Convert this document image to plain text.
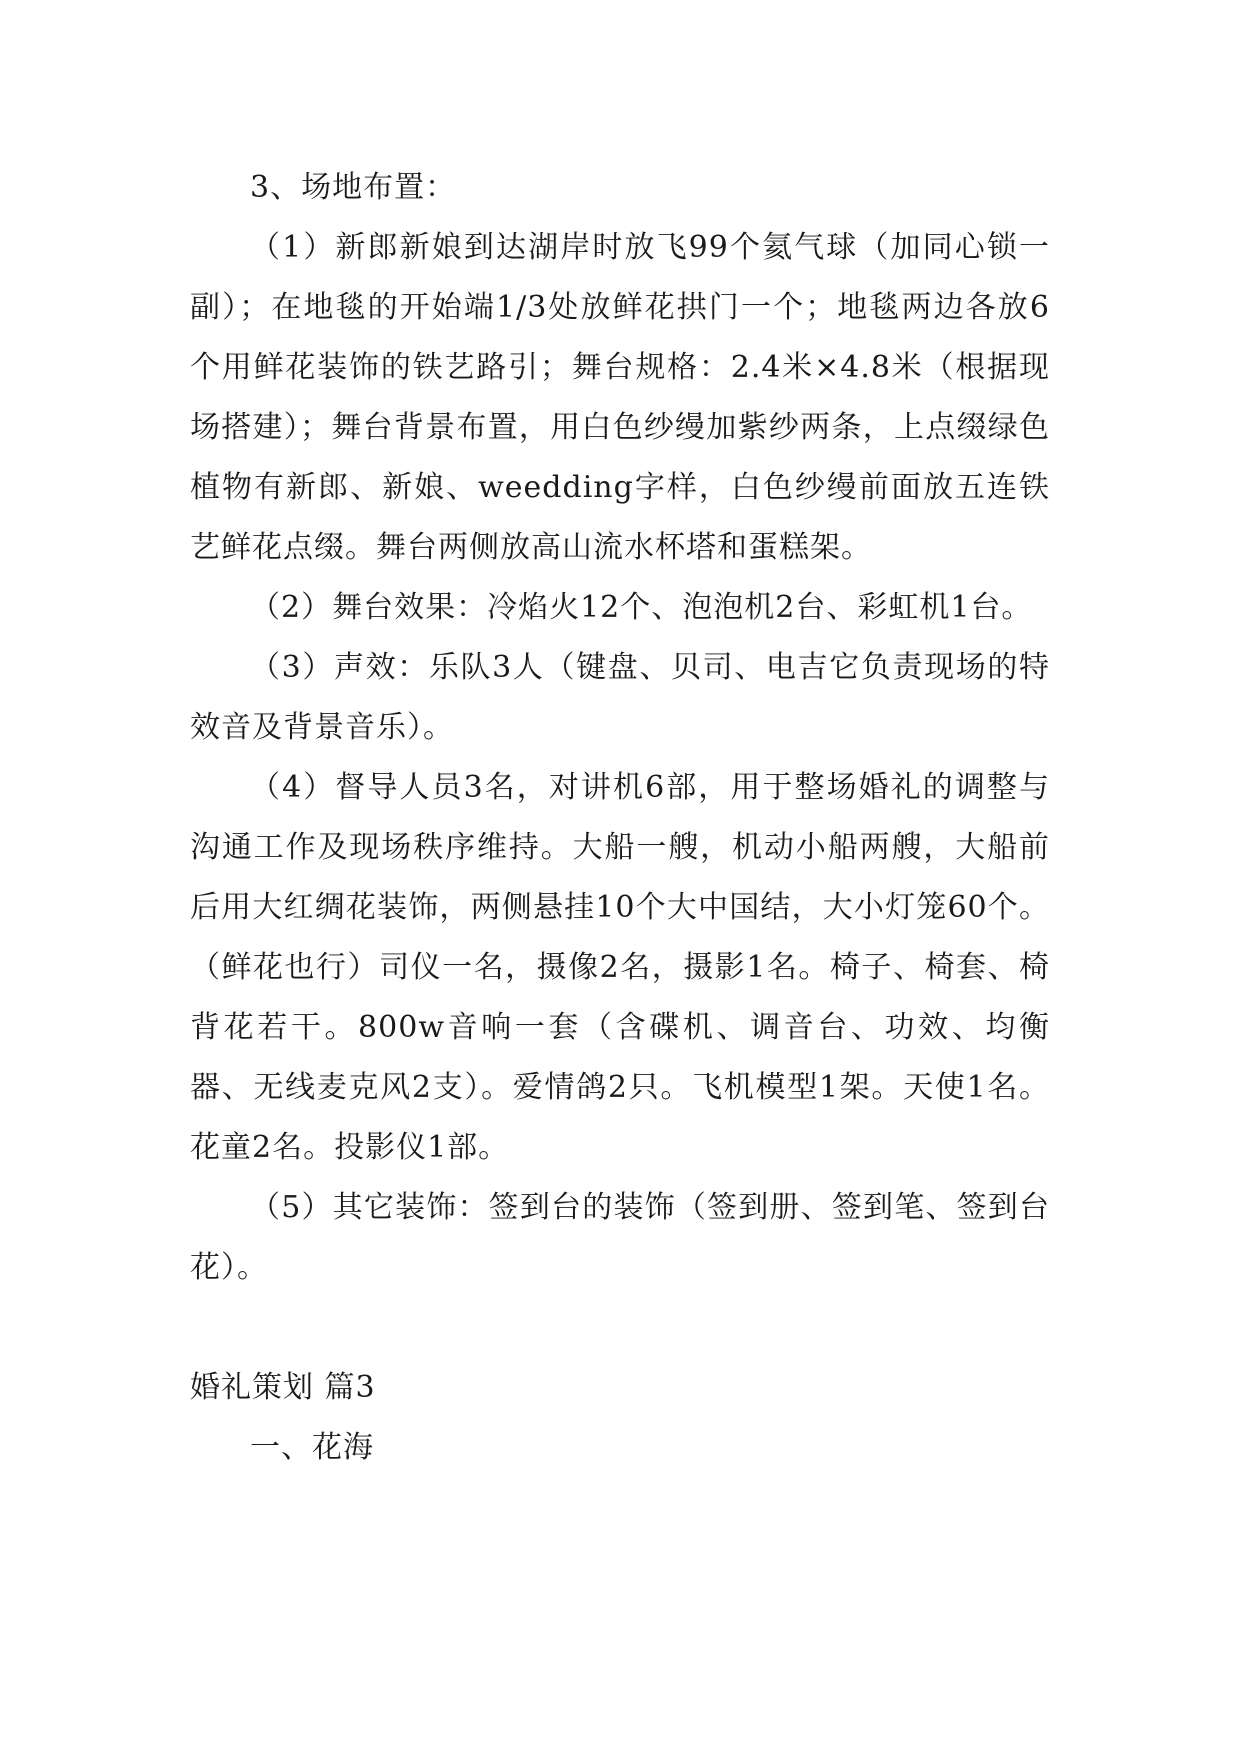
3、场地布置：

（1）新郎新娘到达湖岸时放飞99个氦气球（加同心锁一副）；在地毯的开始端1/3处放鲜花拱门一个；地毯两边各放6个用鲜花装饰的铁艺路引；舞台规格：2.4米×4.8米（根据现场搭建）；舞台背景布置，用白色纱缦加紫纱两条，上点缀绿色植物有新郎、新娘、weedding字样，白色纱缦前面放五连铁艺鲜花点缀。舞台两侧放高山流水杯塔和蛋糕架。

（2）舞台效果：冷焰火12个、泡泡机2台、彩虹机1台。

（3）声效：乐队3人（键盘、贝司、电吉它负责现场的特效音及背景音乐）。

（4）督导人员3名，对讲机6部，用于整场婚礼的调整与沟通工作及现场秩序维持。大船一艘，机动小船两艘，大船前后用大红绸花装饰，两侧悬挂10个大中国结，大小灯笼60个。（鲜花也行）司仪一名，摄像2名，摄影1名。椅子、椅套、椅背花若干。800w音响一套（含碟机、调音台、功效、均衡器、无线麦克风2支）。爱情鸽2只。飞机模型1架。天使1名。花童2名。投影仪1部。

（5）其它装饰：签到台的装饰（签到册、签到笔、签到台花）。

婚礼策划 篇3

一、花海
